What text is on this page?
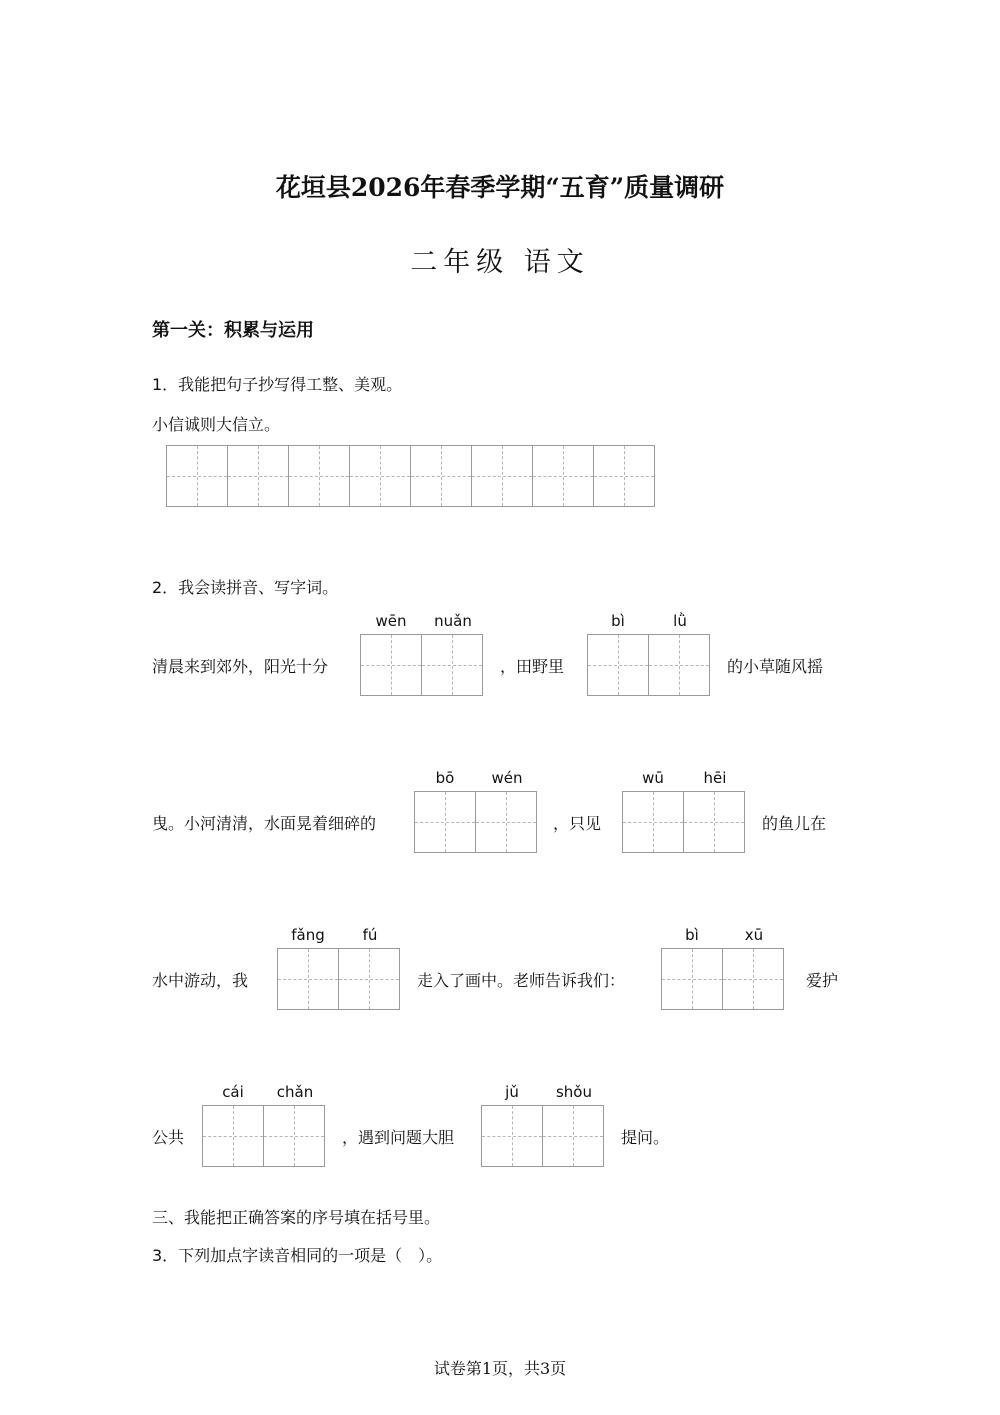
花垣县2026年春季学期“五育”质量调研
二年级 语文
第一关：积累与运用
1．我能把句子抄写得工整、美观。
小信诚则大信立。
2．我会读拼音、写字词。
清晨来到郊外，阳光十分
wēn	nuǎn
，田野里
bì	lǜ
的小草随风摇
曳。小河清清，水面晃着细碎的
bō	wén
，只见
wū	hēi
的鱼儿在
水中游动，我
fǎng	fú
走入了画中。老师告诉我们：
bì	xū
爱护
公共
cái	chǎn
，遇到问题大胆
jǔ	shǒu
提问。
三、我能把正确答案的序号填在括号里。
3．下列加点字读音相同的一项是（　）。
试卷第1页，共3页
